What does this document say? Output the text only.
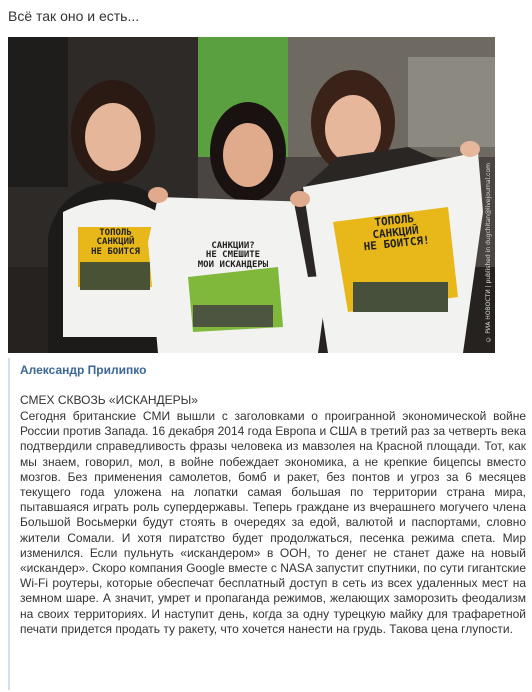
Всё так оно и есть...
ТОПОЛЬ
САНКЦИЙ
НЕ БОИТСЯ
САНКЦИИ?
НЕ СМЕШИТЕ
МОИ ИСКАНДЕРЫ
ТОПОЛЬ
САНКЦИЙ
НЕ БОИТСЯ!	© РИА НОВОСТИ | published in dugchitan@livejournal.com
Александр Прилипко
СМЕХ СКВОЗЬ «ИСКАНДЕРЫ»
Сегодня британские СМИ вышли с заголовками о проигранной экономической войне России против Запада. 16 декабря 2014 года Европа и США в третий раз за четверть века подтвердили справедливость фразы человека из мавзолея на Красной площади. Тот, как мы знаем, говорил, мол, в войне побеждает экономика, а не крепкие бицепсы вместо мозгов. Без применения самолетов, бомб и ракет, без понтов и угроз за 6 месяцев текущего года уложена на лопатки самая большая по территории страна мира, пытавшаяся играть роль супердержавы. Теперь граждане из вчерашнего могучего члена Большой Восьмерки будут стоять в очередях за едой, валютой и паспортами, словно жители Сомали. И хотя пиратство будет продолжаться, песенка режима спета. Мир изменился. Если пульнуть «искандером» в ООН, то денег не станет даже на новый «искандер». Скоро компания Google вместе с NASA запустит спутники, по сути гигантские Wi-Fi роутеры, которые обеспечат бесплатный доступ в сеть из всех удаленных мест на земном шаре. А значит, умрет и пропаганда режимов, желающих заморозить феодализм на своих территориях. И наступит день, когда за одну турецкую майку для трафаретной печати придется продать ту ракету, что хочется нанести на грудь. Такова цена глупости.
